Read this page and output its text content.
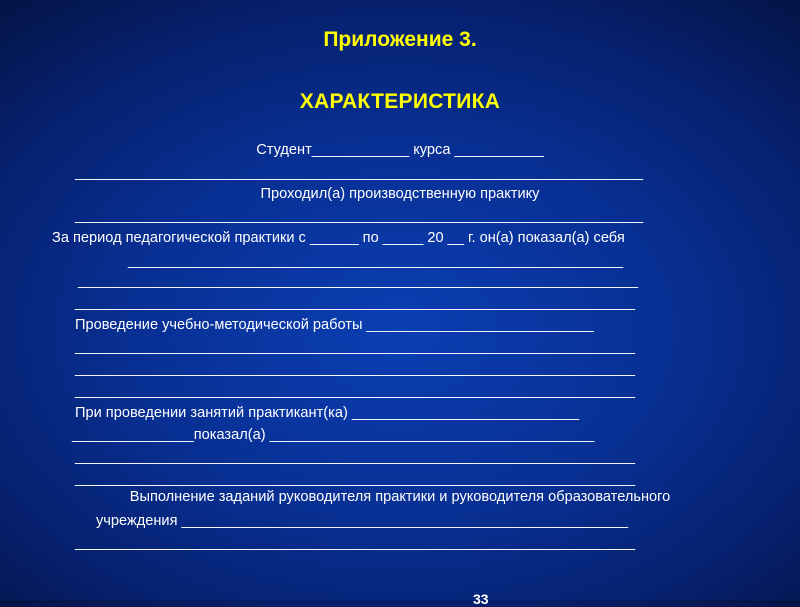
Приложение 3.
ХАРАКТЕРИСТИКА
Студент____________ курса ___________
______________________________________________________________________
Проходил(а) производственную практику
______________________________________________________________________
За период педагогической практики с ______ по _____ 20 __ г. он(а) показал(а) себя
_____________________________________________________________
_____________________________________________________________________
_____________________________________________________________________
Проведение учебно-методической работы ____________________________
_____________________________________________________________________
_____________________________________________________________________
_____________________________________________________________________
При проведении занятий практикант(ка) ____________________________
_______________показал(а) ________________________________________
_____________________________________________________________________
_____________________________________________________________________
Выполнение заданий руководителя практики и руководителя образовательного
учреждения _______________________________________________________
_____________________________________________________________________
33
